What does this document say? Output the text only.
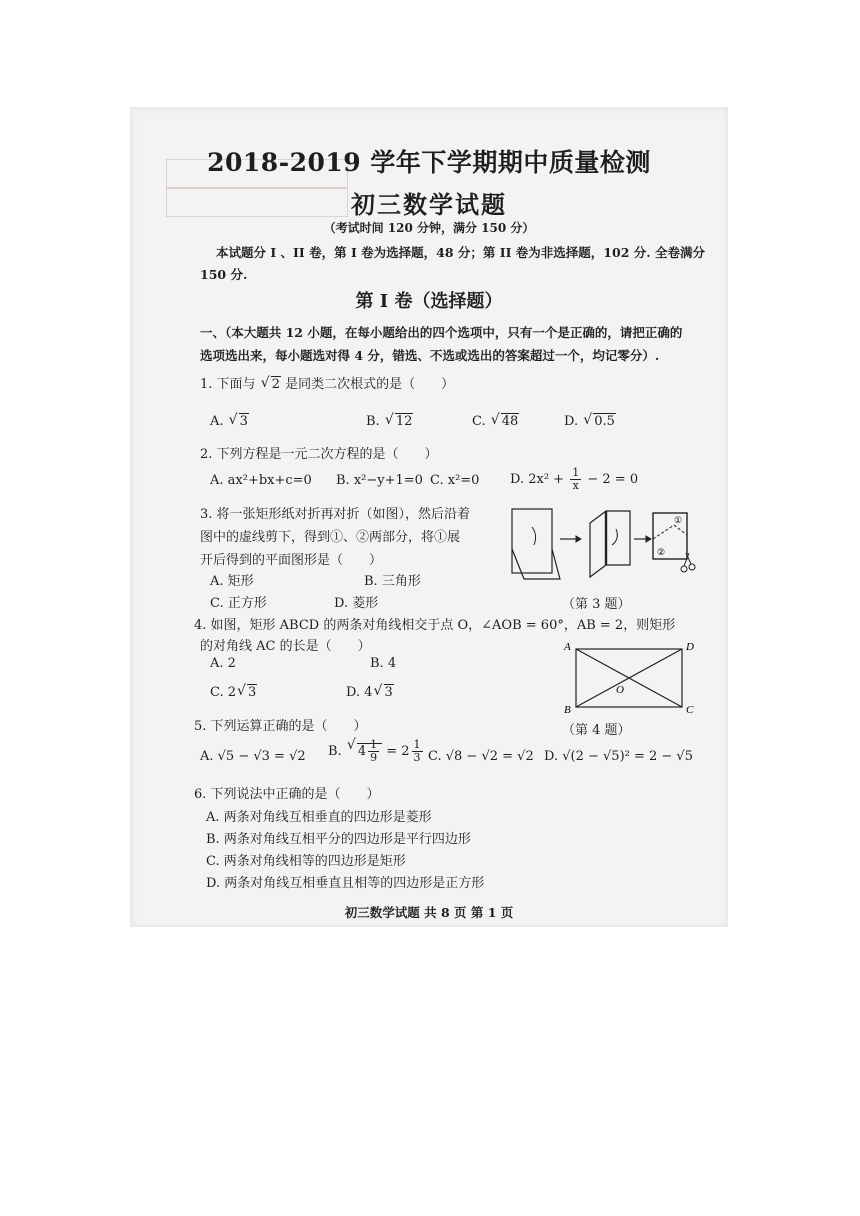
2018-2019 学年下学期期中质量检测
初三数学试题
（考试时间 120 分钟，满分 150 分）
本试题分 I 、II 卷，第 I 卷为选择题，48 分；第 II 卷为非选择题，102 分. 全卷满分
150 分.
第 I 卷（选择题）
一、（本大题共 12 小题，在每小题给出的四个选项中，只有一个是正确的，请把正确的
选项选出来，每小题选对得 4 分，错选、不选或选出的答案超过一个，均记零分）.
1. 下面与 √ 2 是同类二次根式的是（　　）
A. √ 3	B. √ 12	C. √ 48	D. √ 0.5
2. 下列方程是一元二次方程的是（　　）
A. ax²+bx+c=0 B. x²−y+1=0 C. x²=0 D. $2x^2 + \frac{1}{x} - 2 = 0$
3. 将一张矩形纸对折再对折（如图），然后沿着
图中的虚线剪下，得到①、②两部分，将①展
开后得到的平面图形是（　　）
A. 矩形	B. 三角形
C. 正方形	D. 菱形
①
②
（第 3 题）
4. 如图，矩形 ABCD 的两条对角线相交于点 O，∠AOB = 60°，AB = 2，则矩形
的对角线 AC 的长是（　　）
A. 2	B. 4
C. 2 √ 3	D. 4 √ 3
A	D
B	C
O
（第 4 题）
5. 下列运算正确的是（　　）
A. √5 − √3 = √2 B. √ $4 \frac{1}{9} = 2 \frac{1}{3} C$. √8 − √2 = √2 D. √(2 − √5)² = 2 − √5
6. 下列说法中正确的是（　　）
A. 两条对角线互相垂直的四边形是菱形
B. 两条对角线互相平分的四边形是平行四边形
C. 两条对角线相等的四边形是矩形
D. 两条对角线互相垂直且相等的四边形是正方形
初三数学试题 共 8 页 第 1 页
